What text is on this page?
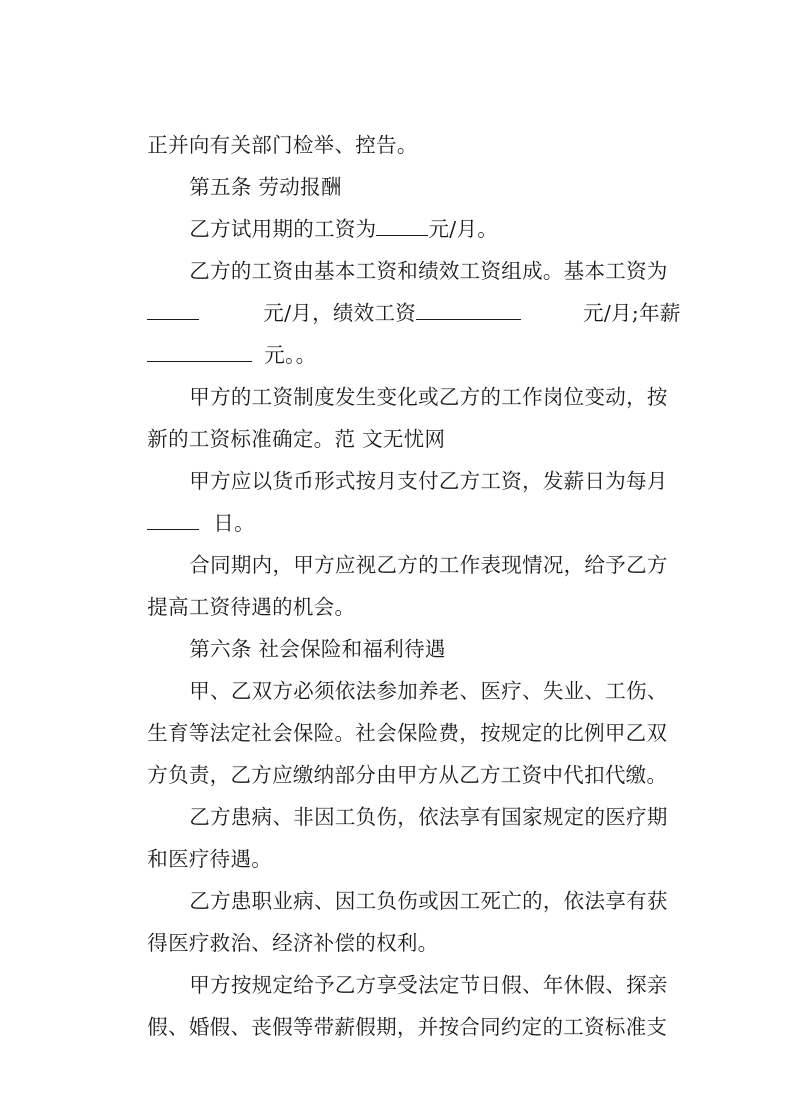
正并向有关部门检举、控告。

第五条 劳动报酬

乙方试用期的工资为	元/月。

乙方的工资由基本工资和绩效工资组成。基本工资为

元/月，绩效工资	元/月;年薪

元。。

甲方的工资制度发生变化或乙方的工作岗位变动，按

新的工资标准确定。范 文无忧网

甲方应以货币形式按月支付乙方工资，发薪日为每月

日。

合同期内，甲方应视乙方的工作表现情况，给予乙方

提高工资待遇的机会。

第六条 社会保险和福利待遇

甲、乙双方必须依法参加养老、医疗、失业、工伤、

生育等法定社会保险。社会保险费，按规定的比例甲乙双

方负责，乙方应缴纳部分由甲方从乙方工资中代扣代缴。

乙方患病、非因工负伤，依法享有国家规定的医疗期

和医疗待遇。

乙方患职业病、因工负伤或因工死亡的，依法享有获

得医疗救治、经济补偿的权利。

甲方按规定给予乙方享受法定节日假、年休假、探亲

假、婚假、丧假等带薪假期，并按合同约定的工资标准支
